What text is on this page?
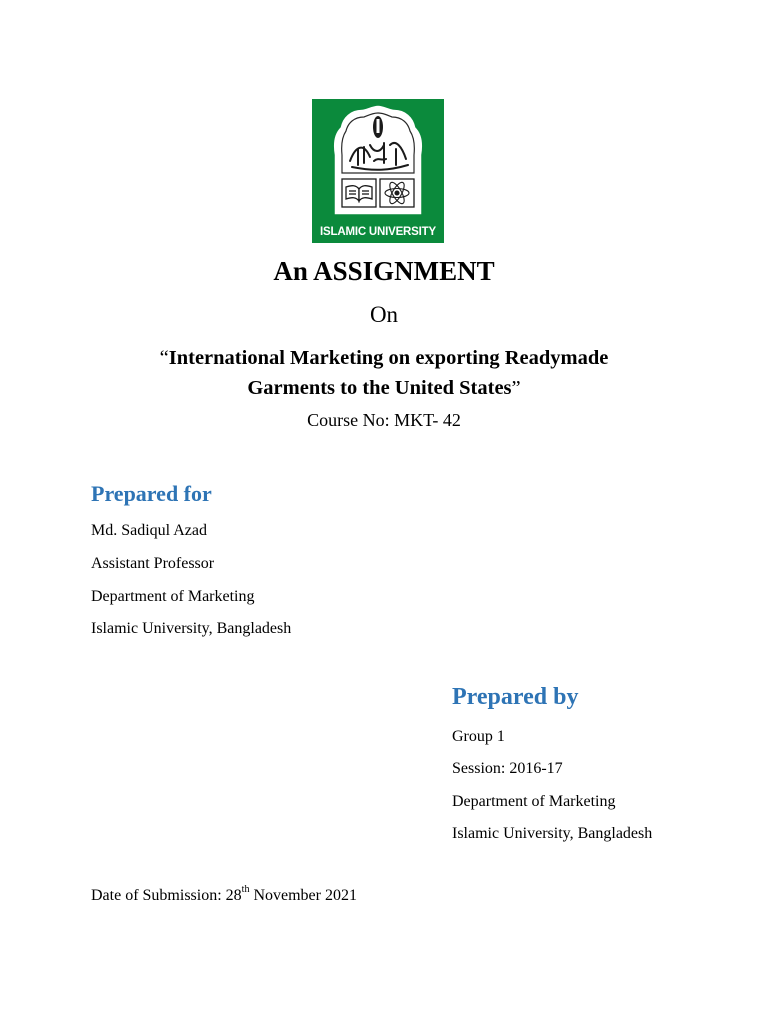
ISLAMIC UNIVERSITY
An ASSIGNMENT
On
“International Marketing on exporting Readymade
Garments to the United States”
Course No: MKT- 42
Prepared for
Md. Sadiqul Azad
Assistant Professor
Department of Marketing
Islamic University, Bangladesh
Prepared by
Group 1
Session: 2016-17
Department of Marketing
Islamic University, Bangladesh
Date of Submission: 28th November 2021
